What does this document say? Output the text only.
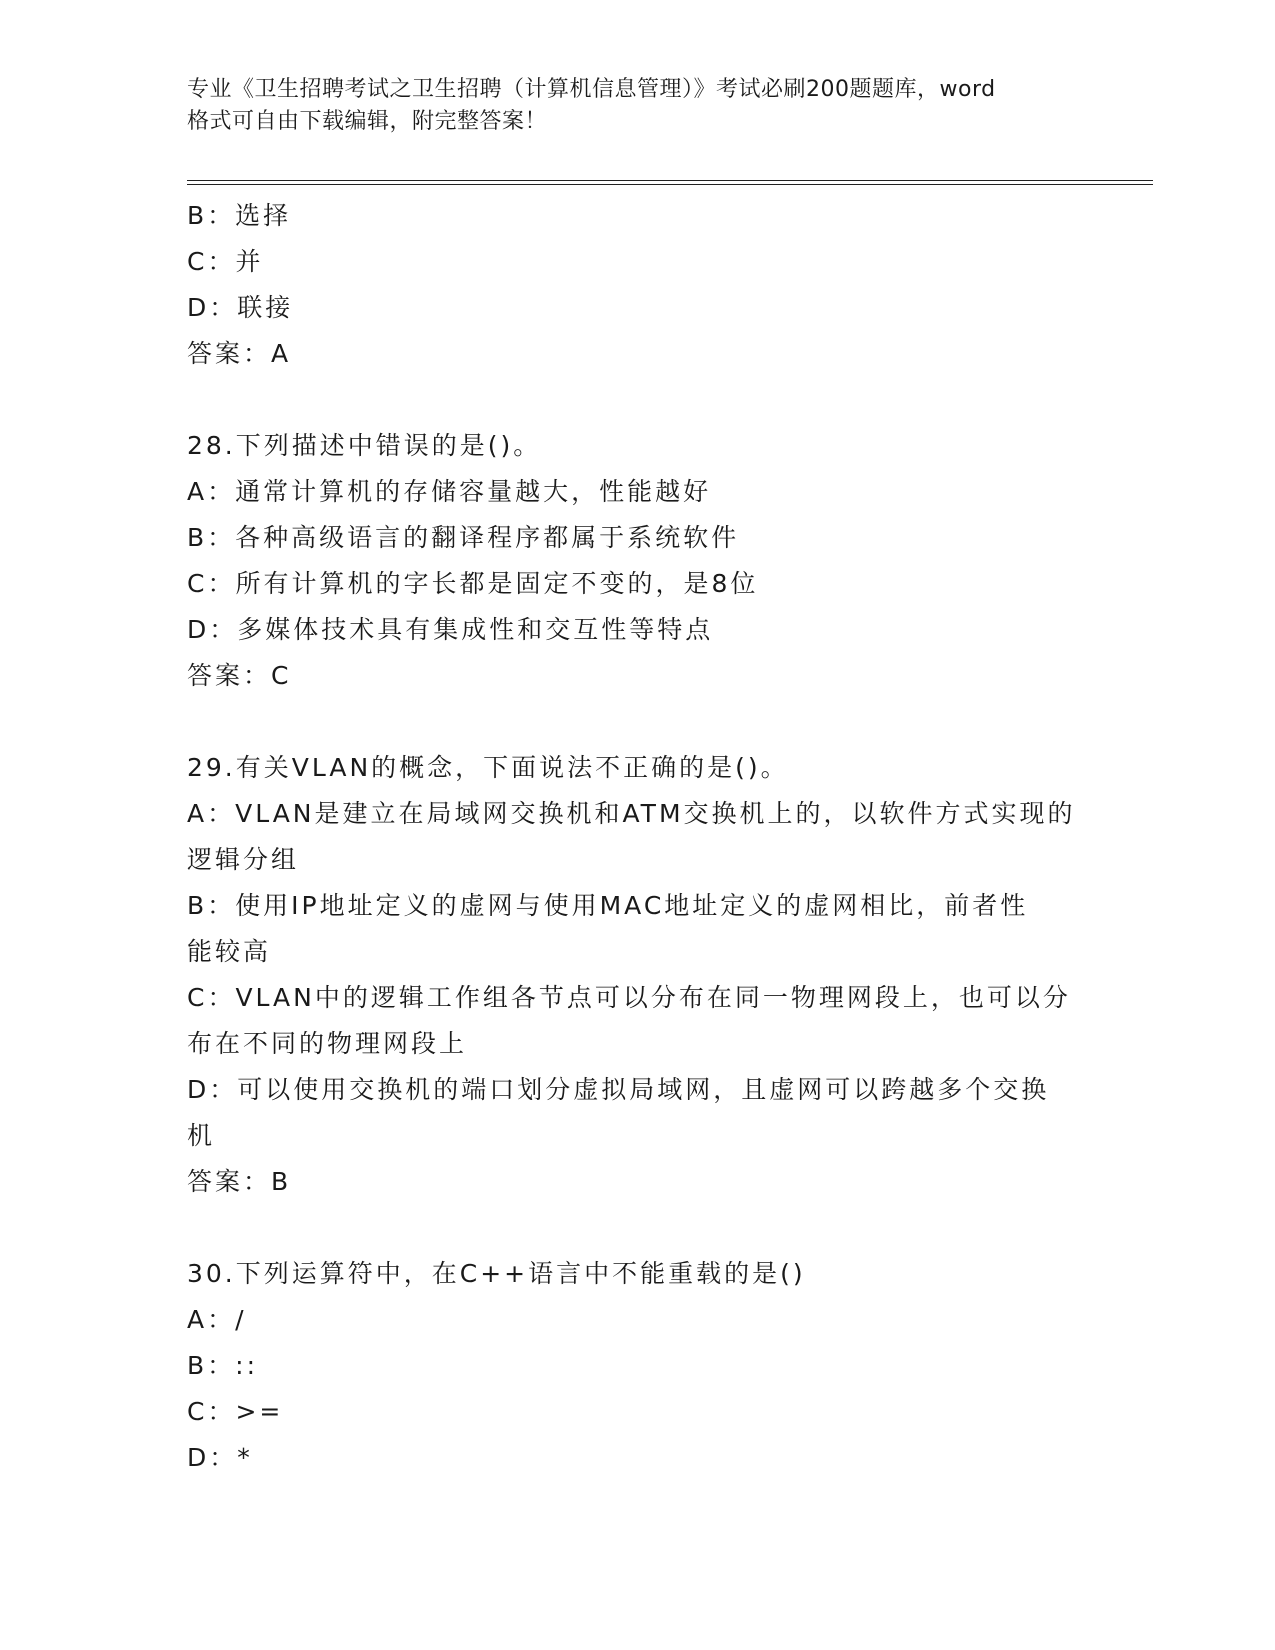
专业《卫生招聘考试之卫生招聘（计算机信息管理）》考试必刷200题题库，word
格式可自由下载编辑，附完整答案！

B：选择

C：并

D：联接

答案：A

28.下列描述中错误的是()。

A：通常计算机的存储容量越大，性能越好

B：各种高级语言的翻译程序都属于系统软件

C：所有计算机的字长都是固定不变的，是8位

D：多媒体技术具有集成性和交互性等特点

答案：C

29.有关VLAN的概念，下面说法不正确的是()。

A：VLAN是建立在局域网交换机和ATM交换机上的，以软件方式实现的

逻辑分组

B：使用IP地址定义的虚网与使用MAC地址定义的虚网相比，前者性

能较高

C：VLAN中的逻辑工作组各节点可以分布在同一物理网段上，也可以分

布在不同的物理网段上

D：可以使用交换机的端口划分虚拟局域网，且虚网可以跨越多个交换

机

答案：B

30.下列运算符中，在C++语言中不能重载的是()

A：/

B：::

C：>=

D：*
